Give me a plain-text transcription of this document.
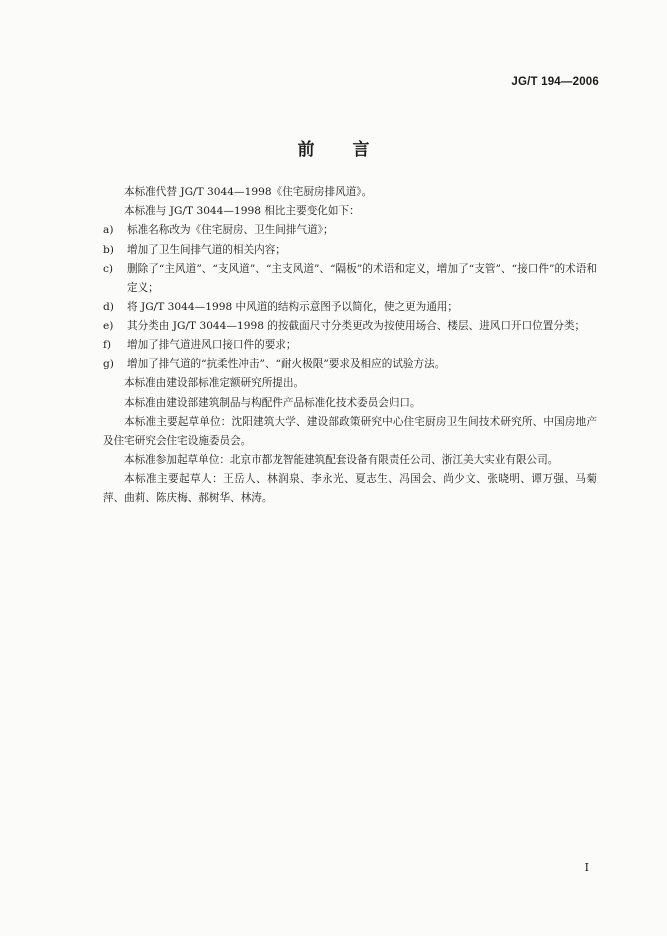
JG/T 194—2006
前言
本标准代替 JG/T 3044—1998《住宅厨房排风道》。
本标准与 JG/T 3044—1998 相比主要变化如下：
a)	标准名称改为《住宅厨房、卫生间排气道》；
b)	增加了卫生间排气道的相关内容；
c)	删除了“主风道”、“支风道”、“主支风道”、“隔板”的术语和定义，增加了“支管”、“接口件”的术语和定义；
d)	将 JG/T 3044—1998 中风道的结构示意图予以简化，使之更为通用；
e)	其分类由 JG/T 3044—1998 的按截面尺寸分类更改为按使用场合、楼层、进风口开口位置分类；
f)	增加了排气道进风口接口件的要求；
g)	增加了排气道的“抗柔性冲击”、“耐火极限”要求及相应的试验方法。
本标准由建设部标准定额研究所提出。
本标准由建设部建筑制品与构配件产品标准化技术委员会归口。
本标准主要起草单位：沈阳建筑大学、建设部政策研究中心住宅厨房卫生间技术研究所、中国房地产及住宅研究会住宅设施委员会。
本标准参加起草单位：北京市都龙智能建筑配套设备有限责任公司、浙江美大实业有限公司。
本标准主要起草人：王岳人、林润泉、李永光、夏志生、冯国会、尚少文、张晓明、谭万强、马菊萍、曲莉、陈庆梅、郝树华、林涛。
I
